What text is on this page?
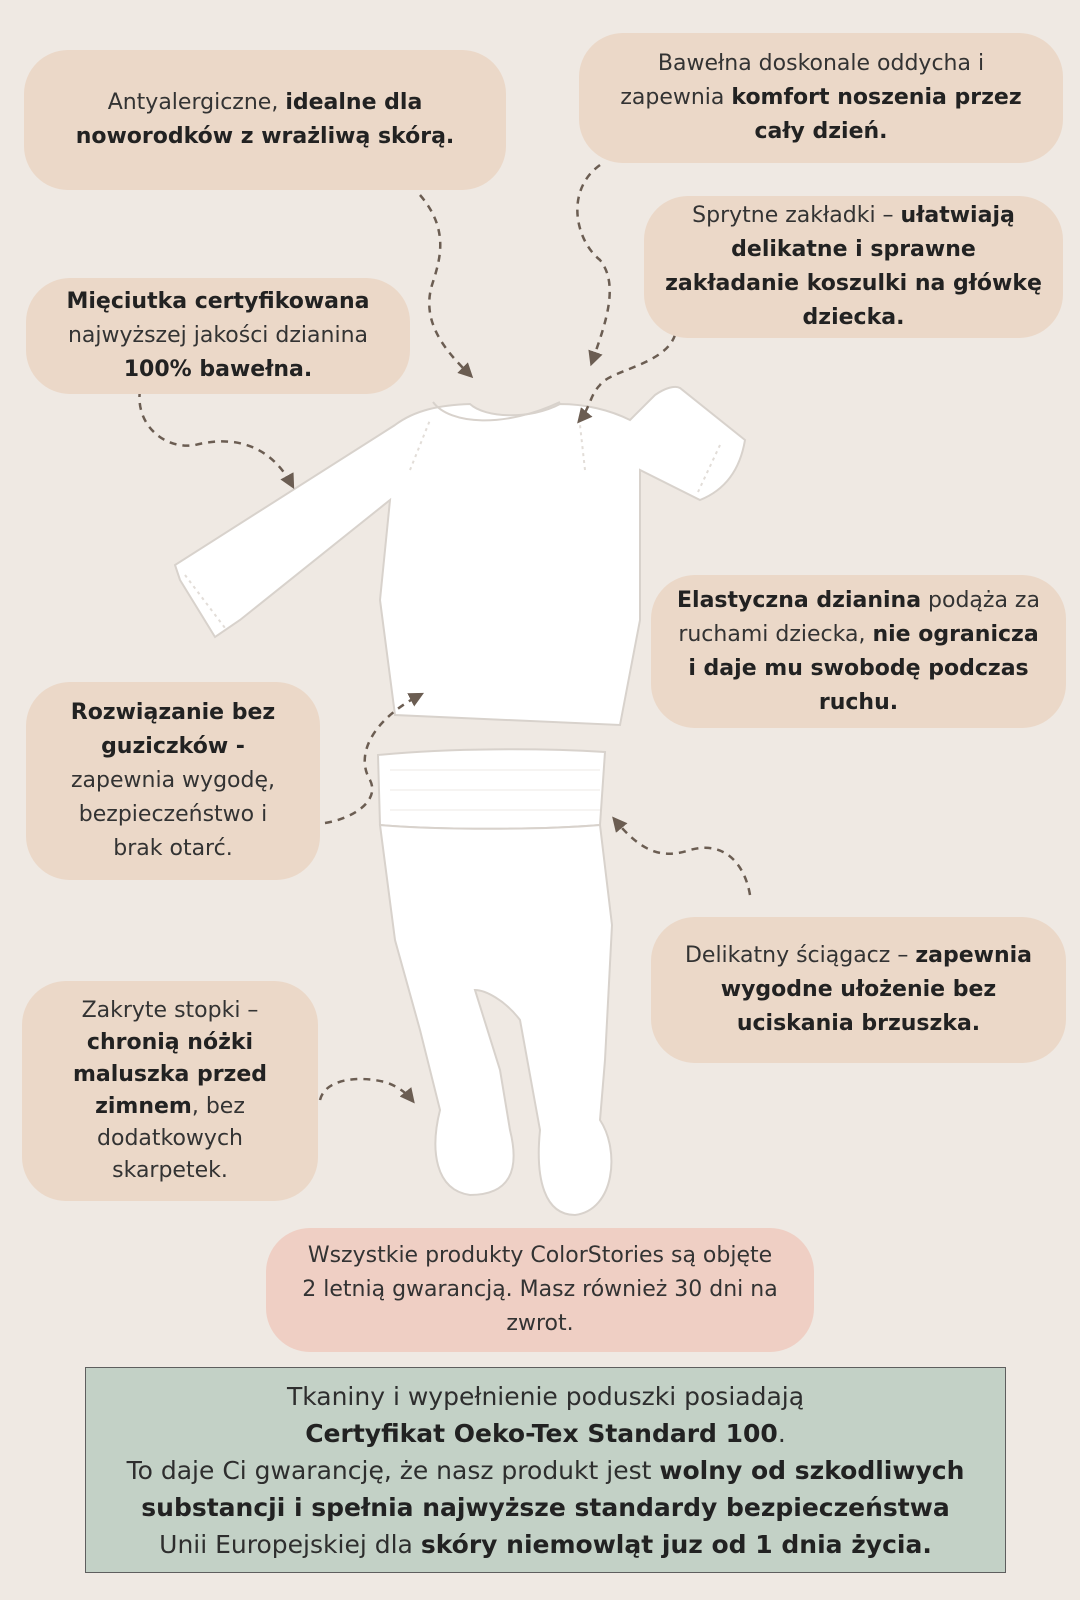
Antyalergiczne, idealne dla noworodków z wrażliwą skórą.

Bawełna doskonale oddycha i zapewnia komfort noszenia przez cały dzień.

Mięciutka certyfikowana
najwyższej jakości dzianina
100% bawełna.

Sprytne zakładki – ułatwiają delikatne i sprawne zakładanie koszulki na główkę dziecka.

Elastyczna dzianina podąża za ruchami dziecka, nie ogranicza i daje mu swobodę podczas ruchu.

Rozwiązanie bez guziczków -
zapewnia wygodę, bezpieczeństwo i brak otarć.

Delikatny ściągacz – zapewnia wygodne ułożenie bez uciskania brzuszka.

Zakryte stopki – chronią nóżki maluszka przed zimnem, bez dodatkowych skarpetek.

Wszystkie produkty ColorStories są objęte 2 letnią gwarancją. Masz również 30 dni na zwrot.

Tkaniny i wypełnienie poduszki posiadają
Certyfikat Oeko-Tex Standard 100.
To daje Ci gwarancję, że nasz produkt jest wolny od szkodliwych substancji i spełnia najwyższe standardy bezpieczeństwa
Unii Europejskiej dla skóry niemowląt juz od 1 dnia życia.
